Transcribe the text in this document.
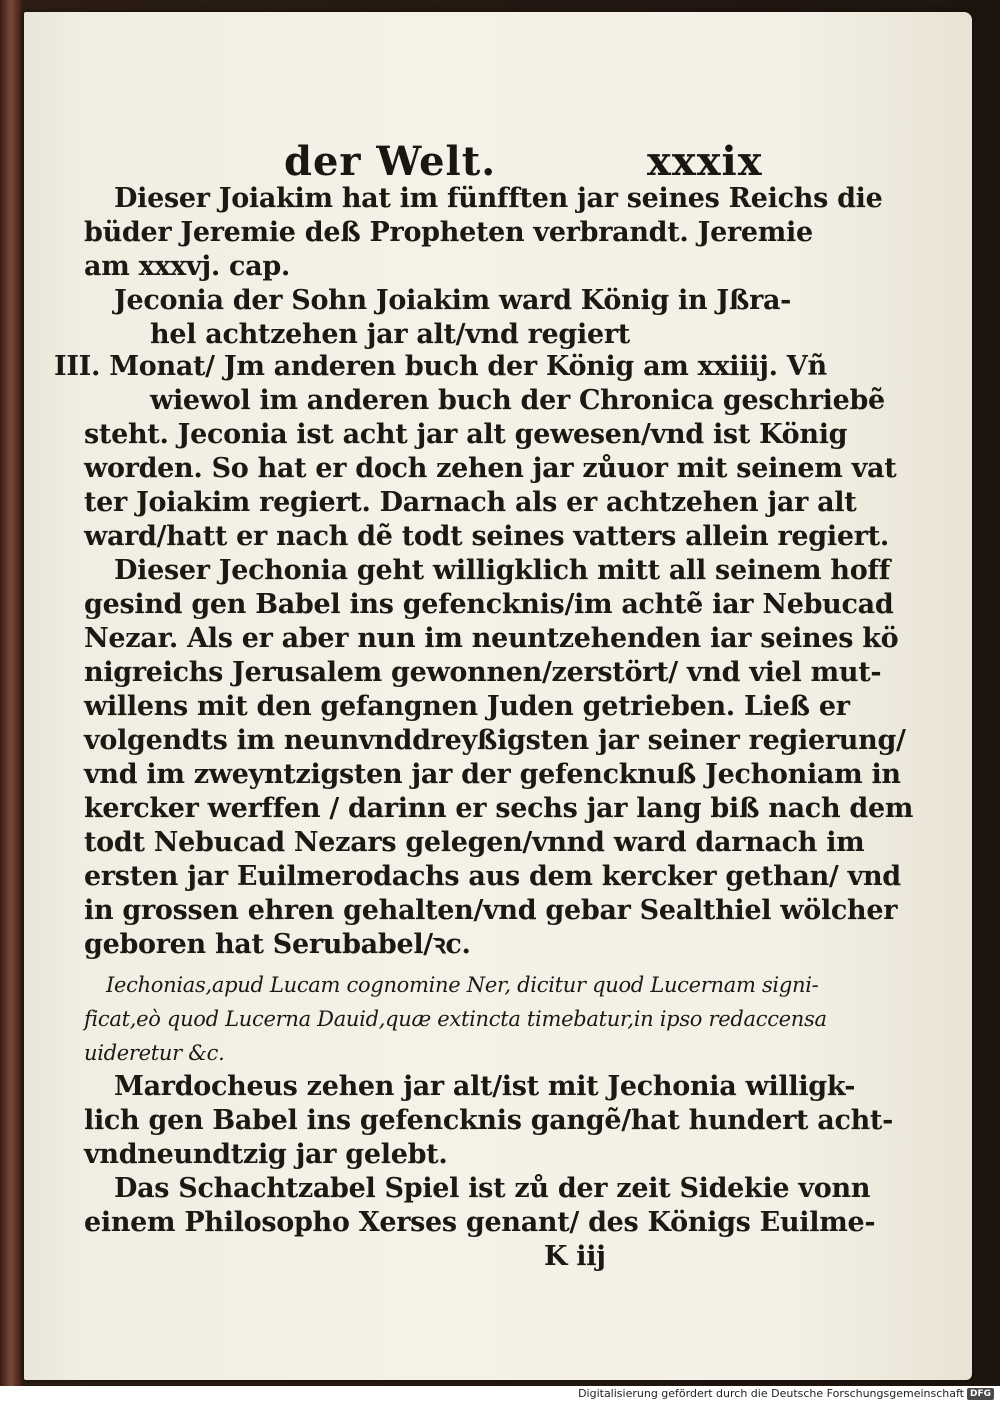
der Welt.	xxxix
Dieser Joiakim hat im fünfften jar seines Reichs die
büder Jeremie deß Propheten verbrandt. Jeremie
am xxxvj. cap.
Jeconia der Sohn Joiakim ward König in Jßra-
hel achtzehen jar alt/vnd regiert
III. Monat/ Jm anderen buch der König am xxiiij. Vñ
wiewol im anderen buch der Chronica geschriebẽ
steht. Jeconia ist acht jar alt gewesen/vnd ist König
worden. So hat er doch zehen jar zůuor mit seinem vat
ter Joiakim regiert. Darnach als er achtzehen jar alt
ward/hatt er nach dẽ todt seines vatters allein regiert.
Dieser Jechonia geht willigklich mitt all seinem hoff
gesind gen Babel ins gefencknis/im achtẽ iar Nebucad
Nezar. Als er aber nun im neuntzehenden iar seines kö
nigreichs Jerusalem gewonnen/zerstört/ vnd viel mut-
willens mit den gefangnen Juden getrieben. Ließ er
volgendts im neunvnddreyßigsten jar seiner regierung/
vnd im zweyntzigsten jar der gefencknuß Jechoniam in
kercker werffen / darinn er sechs jar lang biß nach dem
todt Nebucad Nezars gelegen/vnnd ward darnach im
ersten jar Euilmerodachs aus dem kercker gethan/ vnd
in grossen ehren gehalten/vnd gebar Sealthiel wölcher
geboren hat Serubabel/ꝛc.
Iechonias,apud Lucam cognomine Ner, dicitur quod Lucernam signi-
ficat,eò quod Lucerna Dauid,quæ extincta timebatur,in ipso redaccensa
uideretur &c.
Mardocheus zehen jar alt/ist mit Jechonia willigk-
lich gen Babel ins gefencknis gangẽ/hat hundert acht-
vndneundtzig jar gelebt.
Das Schachtzabel Spiel ist zů der zeit Sidekie vonn
einem Philosopho Xerses genant/ des Königs Euilme-
K iij
Digitalisierung gefördert durch die Deutsche Forschungsgemeinschaft DFG
